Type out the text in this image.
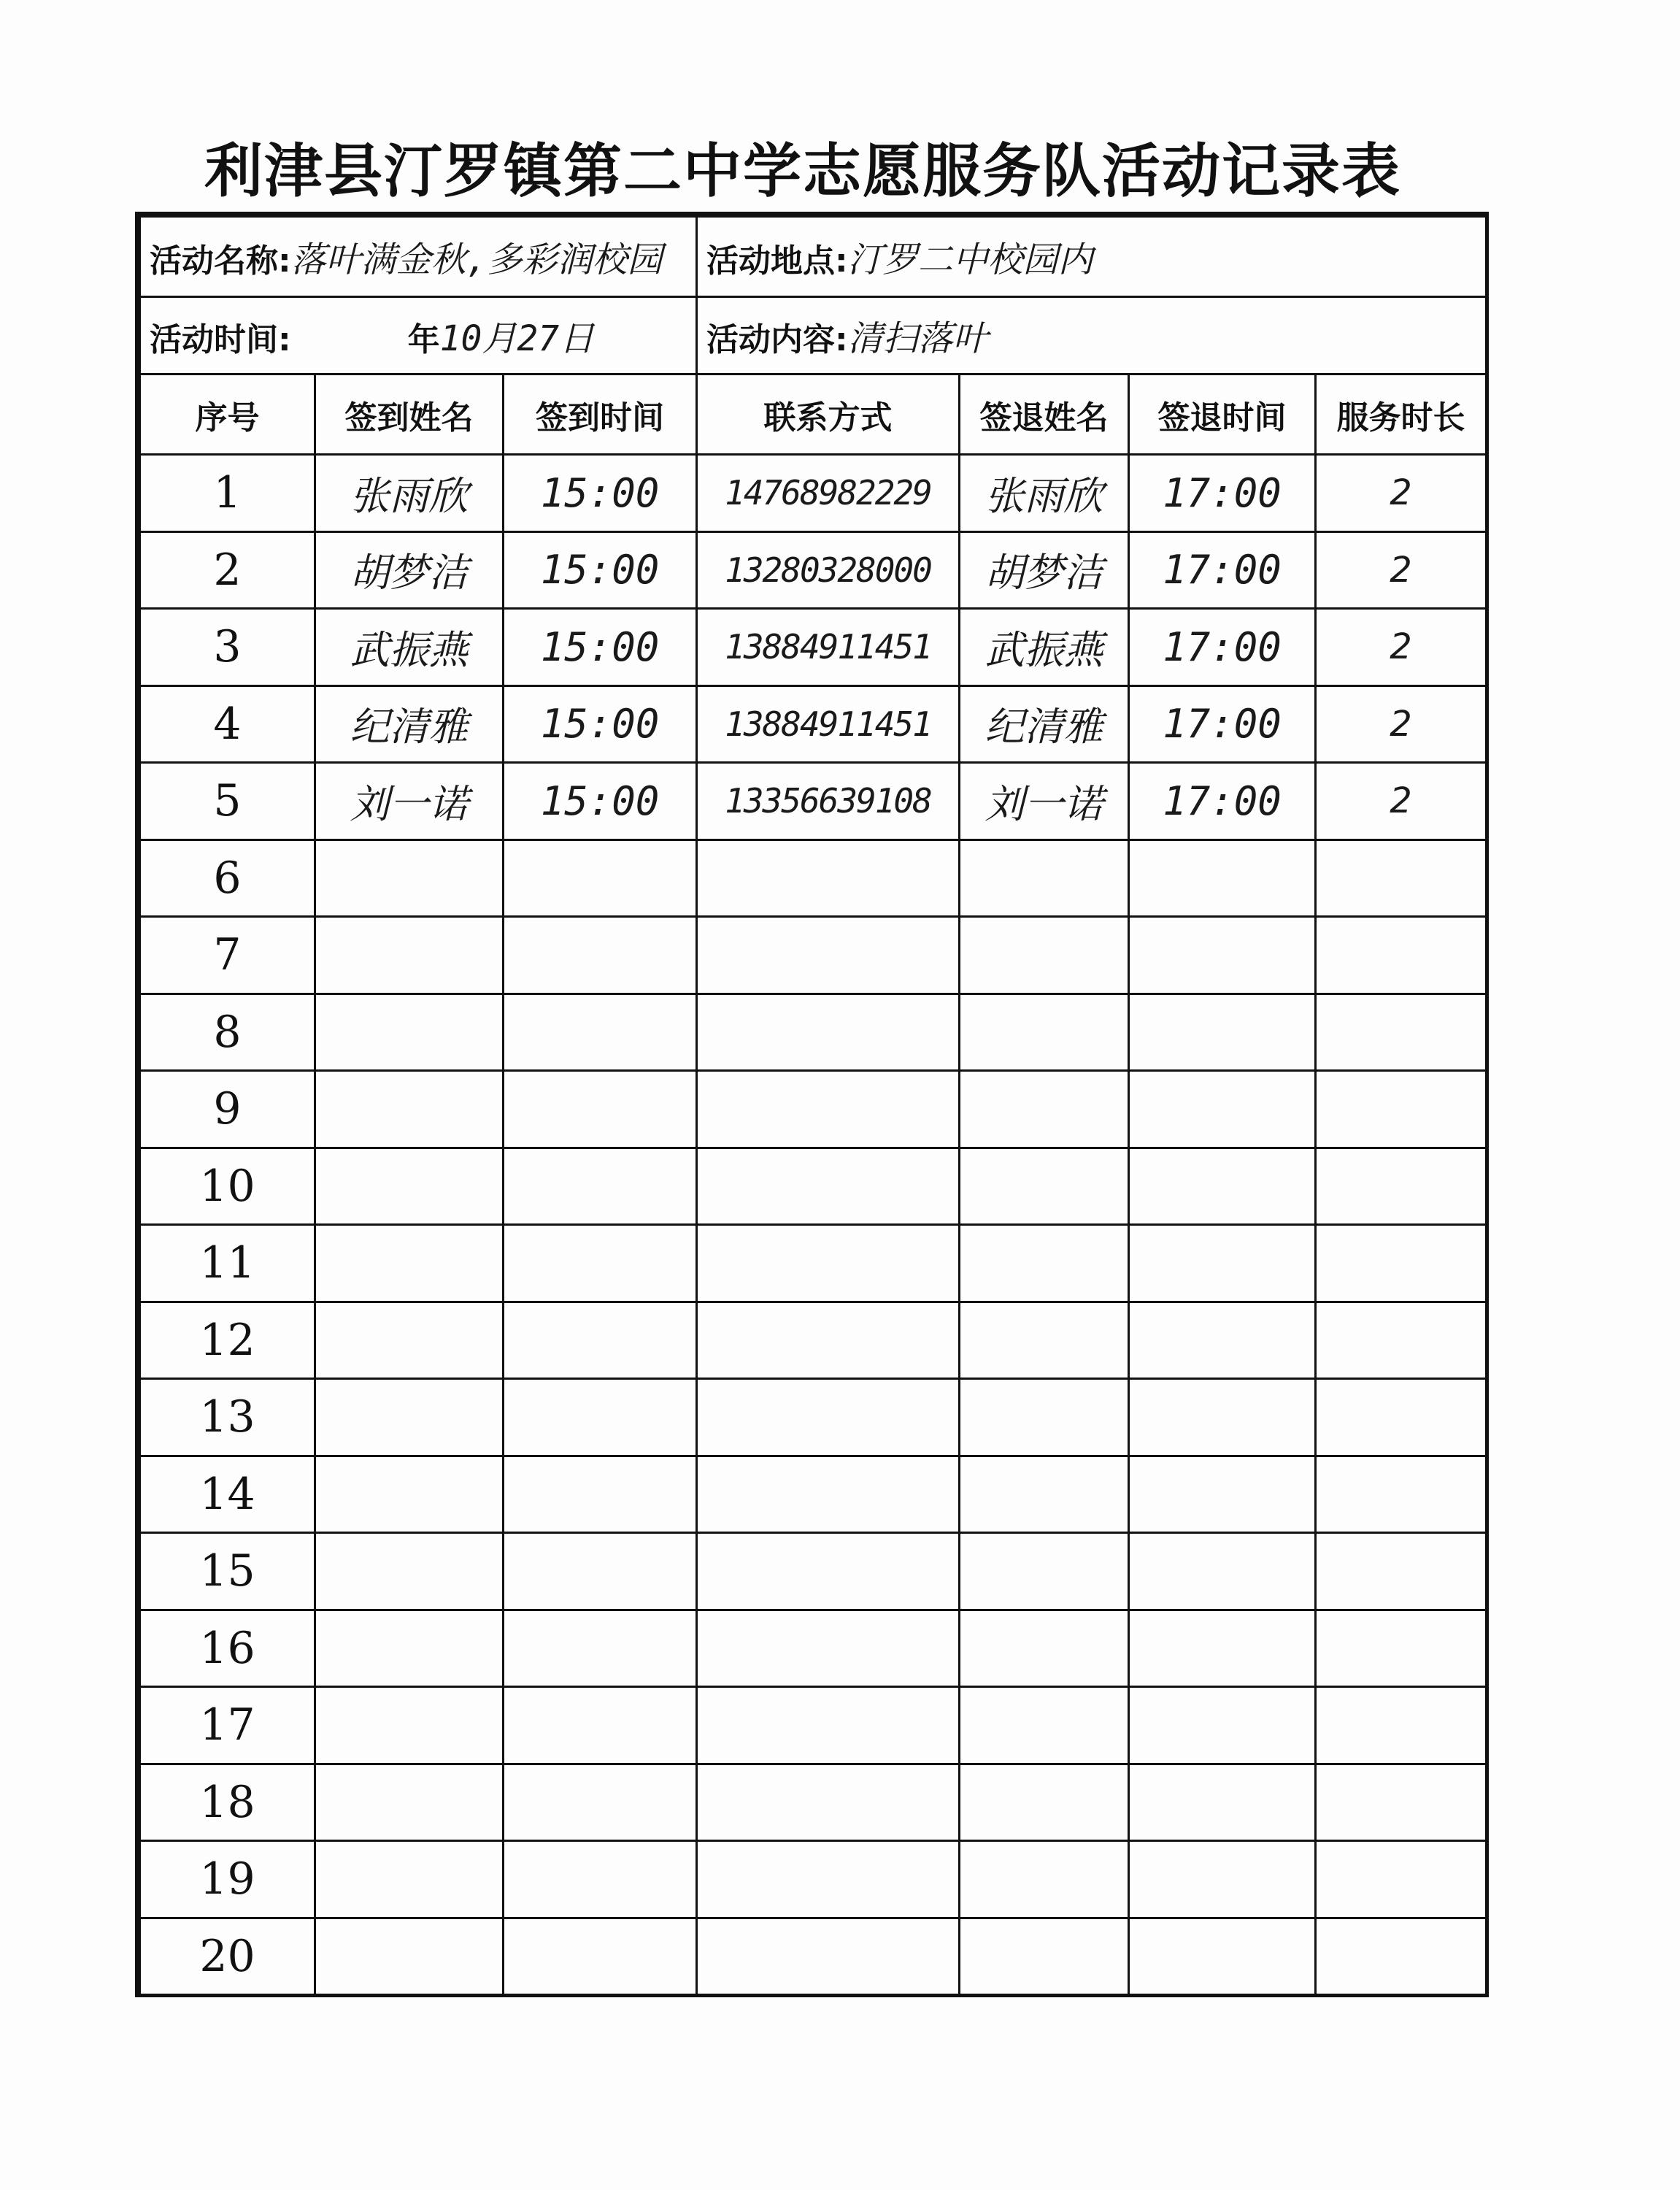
利津县汀罗镇第二中学志愿服务队活动记录表
活动名称:落叶满金秋,多彩润校园			活动地点:汀罗二中校园内			
活动时间: 年10月27日			活动内容:清扫落叶			
序号	签到姓名	签到时间	联系方式	签退姓名	签退时间	服务时长
1	张雨欣	15:00	14768982229	张雨欣	17:00	2
2	胡梦洁	15:00	13280328000	胡梦洁	17:00	2
3	武振燕	15:00	13884911451	武振燕	17:00	2
4	纪清雅	15:00	13884911451	纪清雅	17:00	2
5	刘一诺	15:00	13356639108	刘一诺	17:00	2
6						
7						
8						
9						
10						
11						
12						
13						
14						
15						
16						
17						
18						
19						
20						
